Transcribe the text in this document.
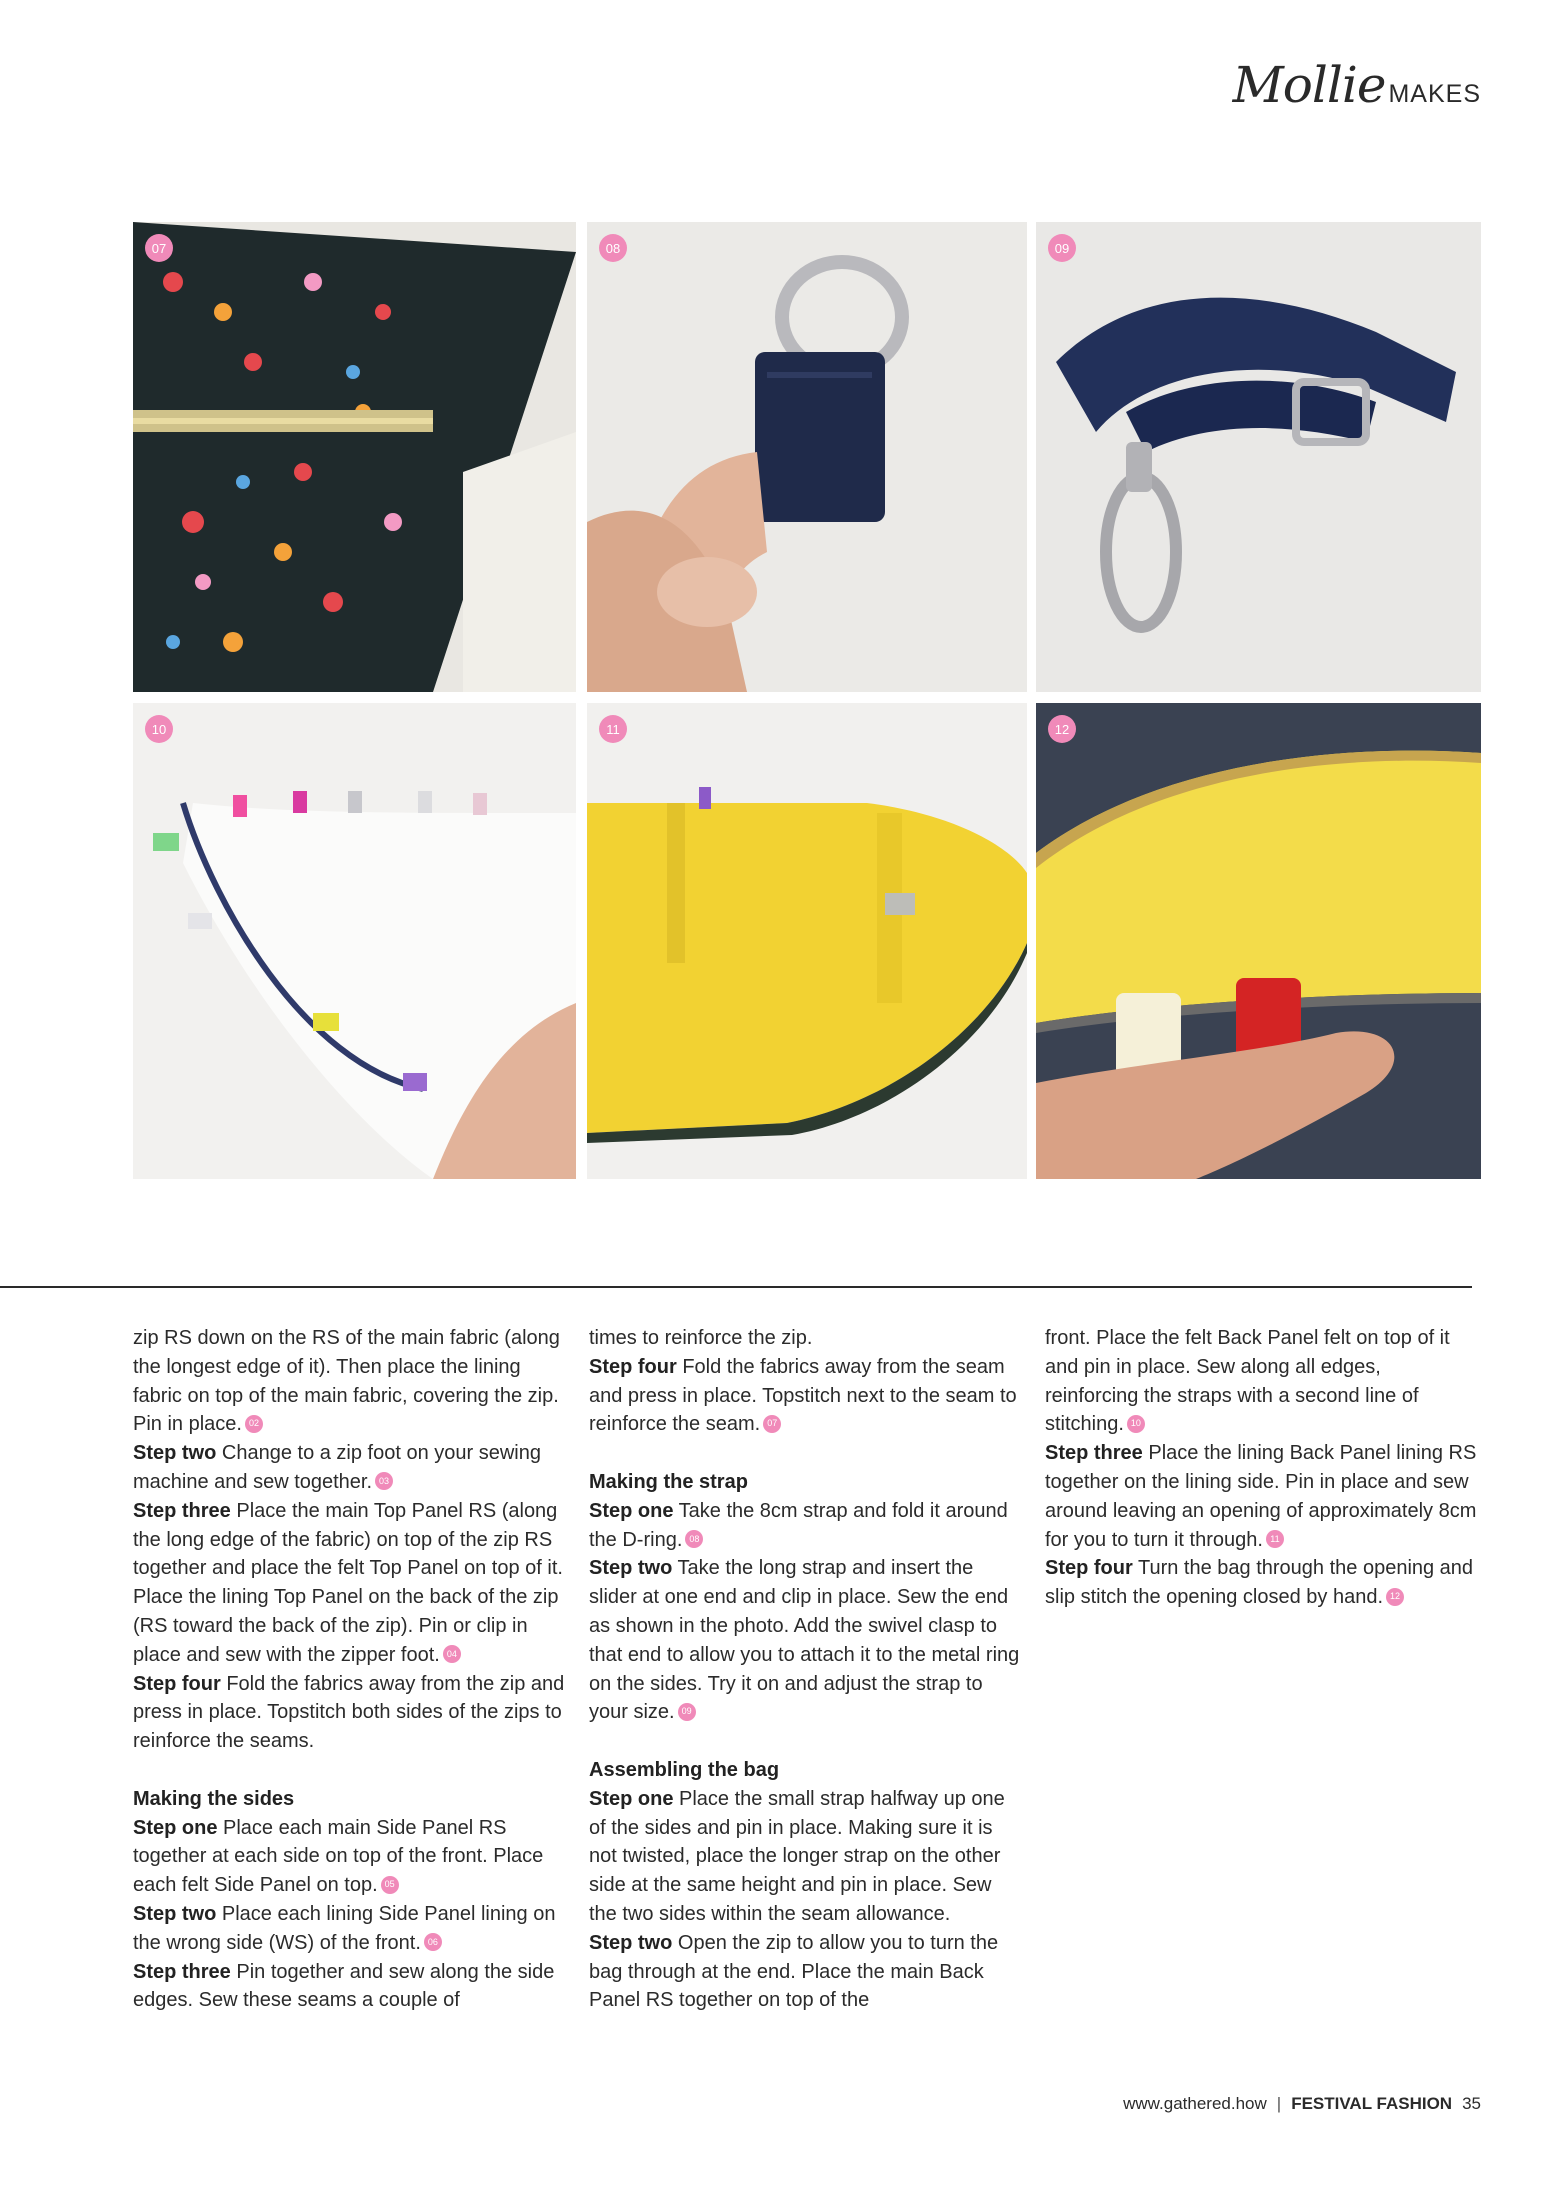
Mollie MAKES
07	08	09
10	11	12

zip RS down on the RS of the main fabric (along the longest edge of it). Then place the lining fabric on top of the main fabric, covering the zip. Pin in place. 02

Step two Change to a zip foot on your sewing machine and sew together. 03

Step three Place the main Top Panel RS (along the long edge of the fabric) on top of the zip RS together and place the felt Top Panel on top of it. Place the lining Top Panel on the back of the zip (RS toward the back of the zip). Pin or clip in place and sew with the zipper foot. 04

Step four Fold the fabrics away from the zip and press in place. Topstitch both sides of the zips to reinforce the seams.

Making the sides

Step one Place each main Side Panel RS together at each side on top of the front. Place each felt Side Panel on top. 05

Step two Place each lining Side Panel lining on the wrong side (WS) of the front. 06

Step three Pin together and sew along the side edges. Sew these seams a couple of

times to reinforce the zip.

Step four Fold the fabrics away from the seam and press in place. Topstitch next to the seam to reinforce the seam. 07

Making the strap

Step one Take the 8cm strap and fold it around the D-ring. 08

Step two Take the long strap and insert the slider at one end and clip in place. Sew the end as shown in the photo. Add the swivel clasp to that end to allow you to attach it to the metal ring on the sides. Try it on and adjust the strap to your size. 09

Assembling the bag

Step one Place the small strap halfway up one of the sides and pin in place. Making sure it is not twisted, place the longer strap on the other side at the same height and pin in place. Sew the two sides within the seam allowance.

Step two Open the zip to allow you to turn the bag through at the end. Place the main Back Panel RS together on top of the

front. Place the felt Back Panel felt on top of it and pin in place. Sew along all edges, reinforcing the straps with a second line of stitching. 10

Step three Place the lining Back Panel lining RS together on the lining side. Pin in place and sew around leaving an opening of approximately 8cm for you to turn it through. 11

Step four Turn the bag through the opening and slip stitch the opening closed by hand. 12

www.gathered.how | FESTIVAL FASHION 35
